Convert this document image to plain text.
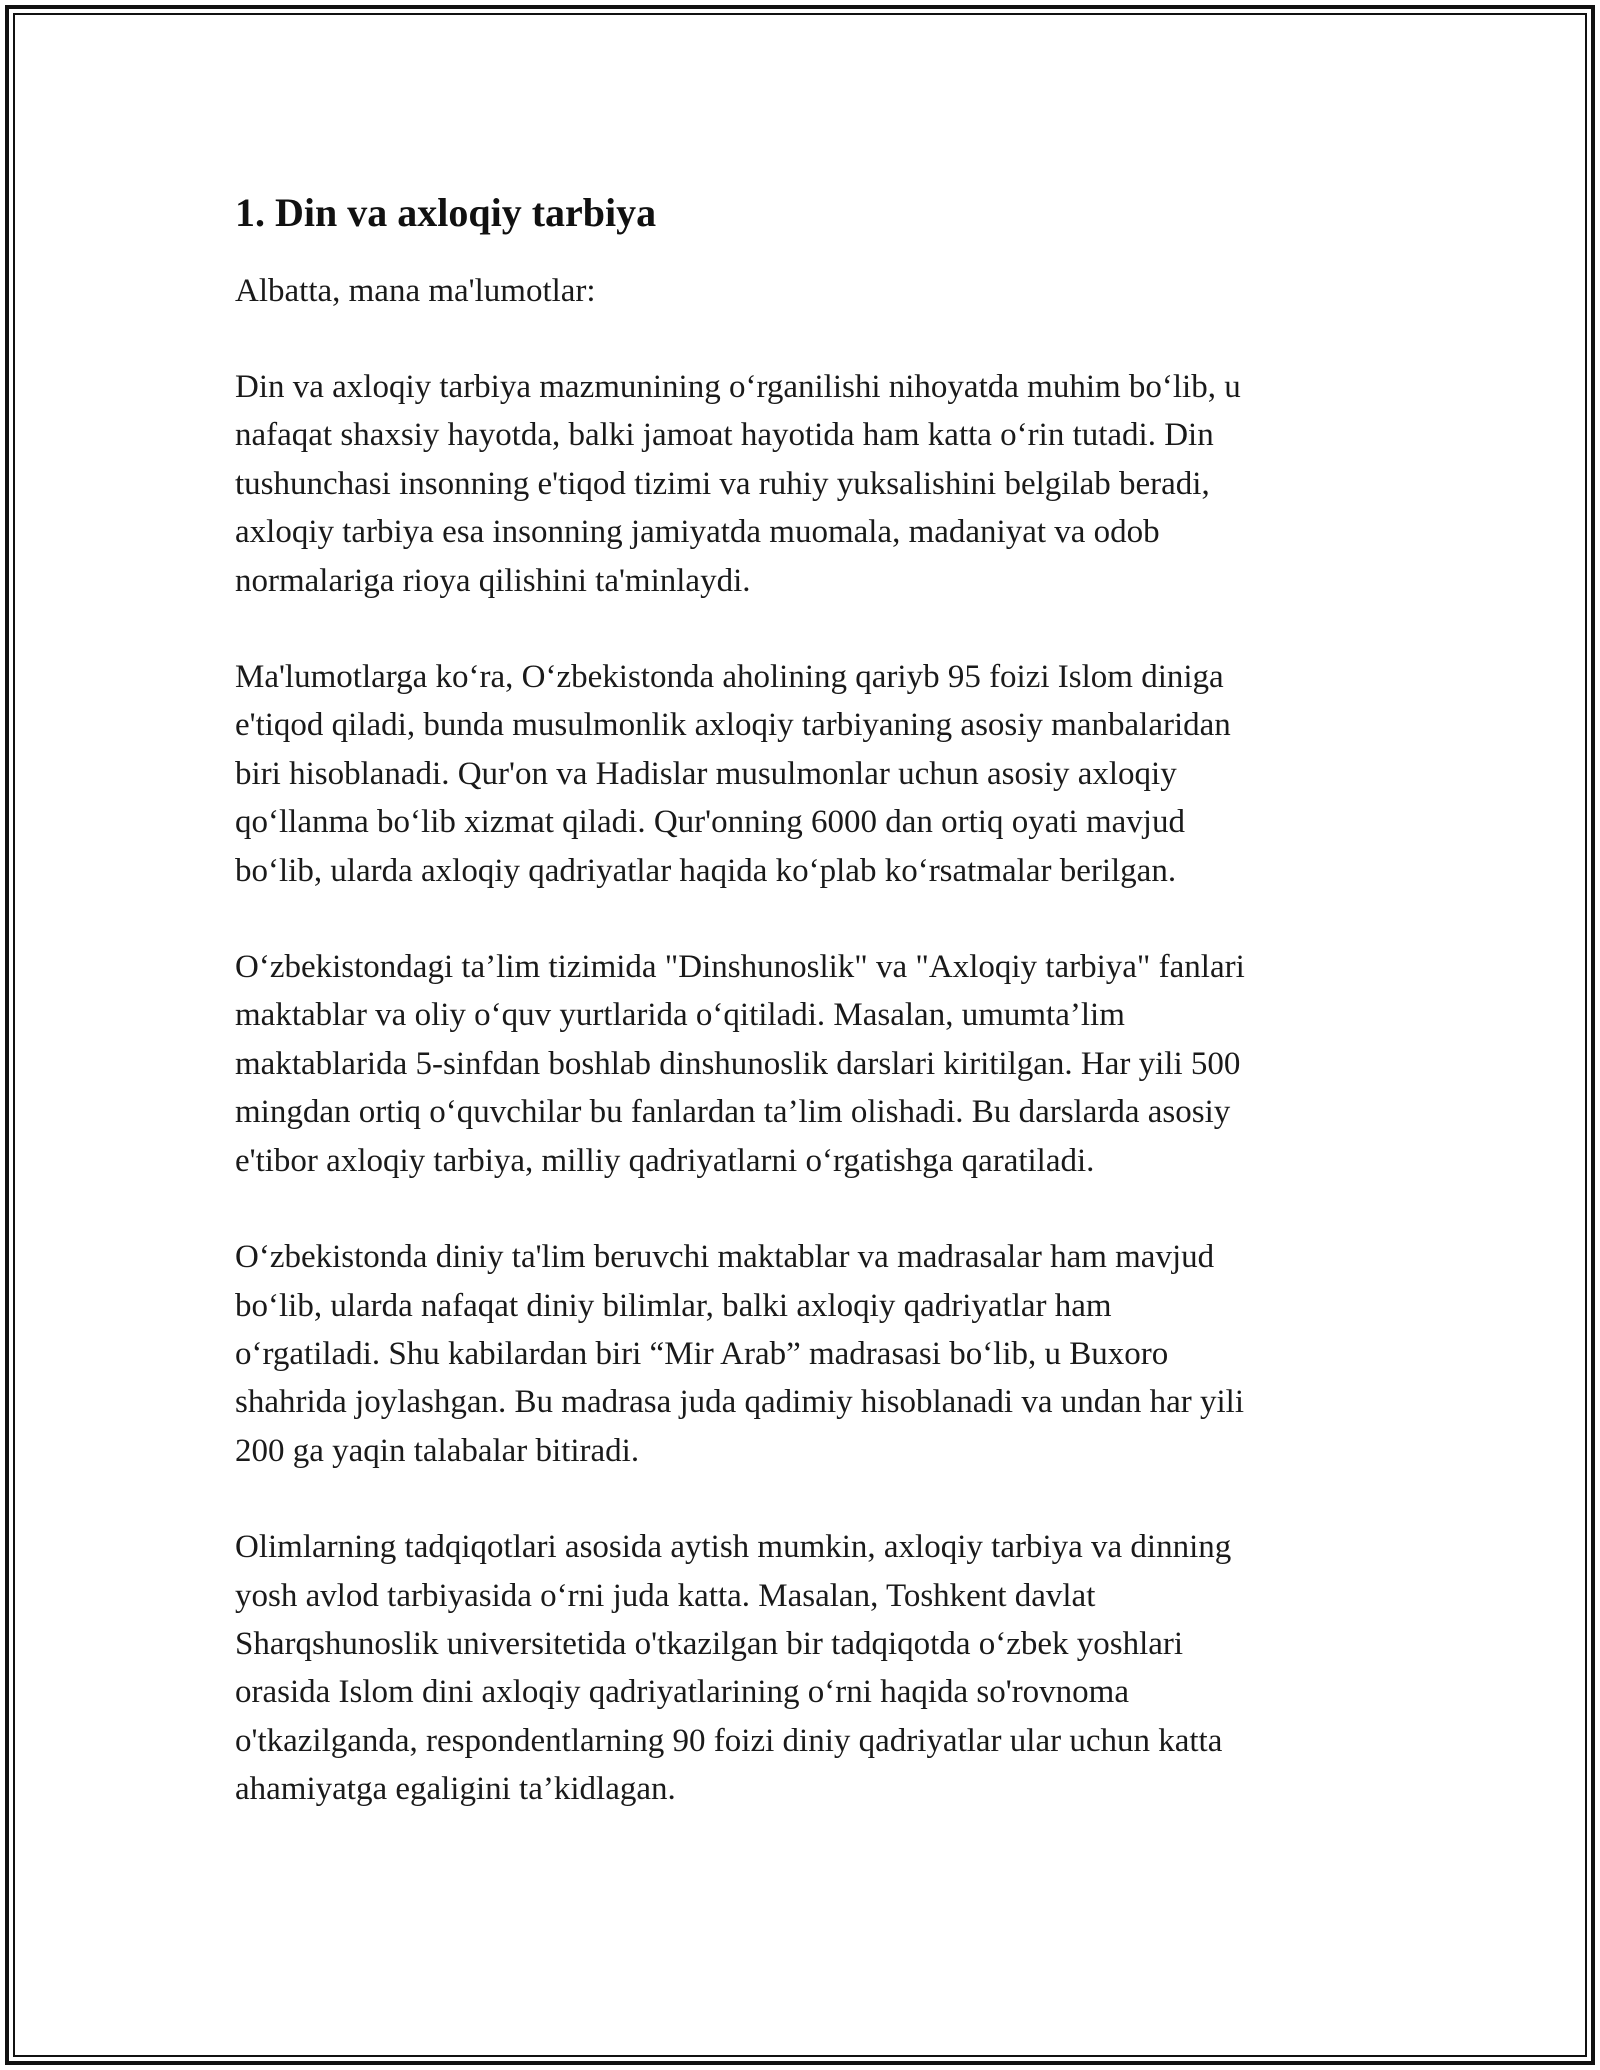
1. Din va axloqiy tarbiya

Albatta, mana ma'lumotlar:

Din va axloqiy tarbiya mazmunining o‘rganilishi nihoyatda muhim bo‘lib, u
nafaqat shaxsiy hayotda, balki jamoat hayotida ham katta o‘rin tutadi. Din
tushunchasi insonning e'tiqod tizimi va ruhiy yuksalishini belgilab beradi,
axloqiy tarbiya esa insonning jamiyatda muomala, madaniyat va odob
normalariga rioya qilishini ta'minlaydi.

Ma'lumotlarga ko‘ra, O‘zbekistonda aholining qariyb 95 foizi Islom diniga
e'tiqod qiladi, bunda musulmonlik axloqiy tarbiyaning asosiy manbalaridan
biri hisoblanadi. Qur'on va Hadislar musulmonlar uchun asosiy axloqiy
qo‘llanma bo‘lib xizmat qiladi. Qur'onning 6000 dan ortiq oyati mavjud
bo‘lib, ularda axloqiy qadriyatlar haqida ko‘plab ko‘rsatmalar berilgan.

O‘zbekistondagi ta’lim tizimida "Dinshunoslik" va "Axloqiy tarbiya" fanlari
maktablar va oliy o‘quv yurtlarida o‘qitiladi. Masalan, umumta’lim
maktablarida 5-sinfdan boshlab dinshunoslik darslari kiritilgan. Har yili 500
mingdan ortiq o‘quvchilar bu fanlardan ta’lim olishadi. Bu darslarda asosiy
e'tibor axloqiy tarbiya, milliy qadriyatlarni o‘rgatishga qaratiladi.

O‘zbekistonda diniy ta'lim beruvchi maktablar va madrasalar ham mavjud
bo‘lib, ularda nafaqat diniy bilimlar, balki axloqiy qadriyatlar ham
o‘rgatiladi. Shu kabilardan biri “Mir Arab” madrasasi bo‘lib, u Buxoro
shahrida joylashgan. Bu madrasa juda qadimiy hisoblanadi va undan har yili
200 ga yaqin talabalar bitiradi.

Olimlarning tadqiqotlari asosida aytish mumkin, axloqiy tarbiya va dinning
yosh avlod tarbiyasida o‘rni juda katta. Masalan, Toshkent davlat
Sharqshunoslik universitetida o'tkazilgan bir tadqiqotda o‘zbek yoshlari
orasida Islom dini axloqiy qadriyatlarining o‘rni haqida so'rovnoma
o'tkazilganda, respondentlarning 90 foizi diniy qadriyatlar ular uchun katta
ahamiyatga egaligini ta’kidlagan.
